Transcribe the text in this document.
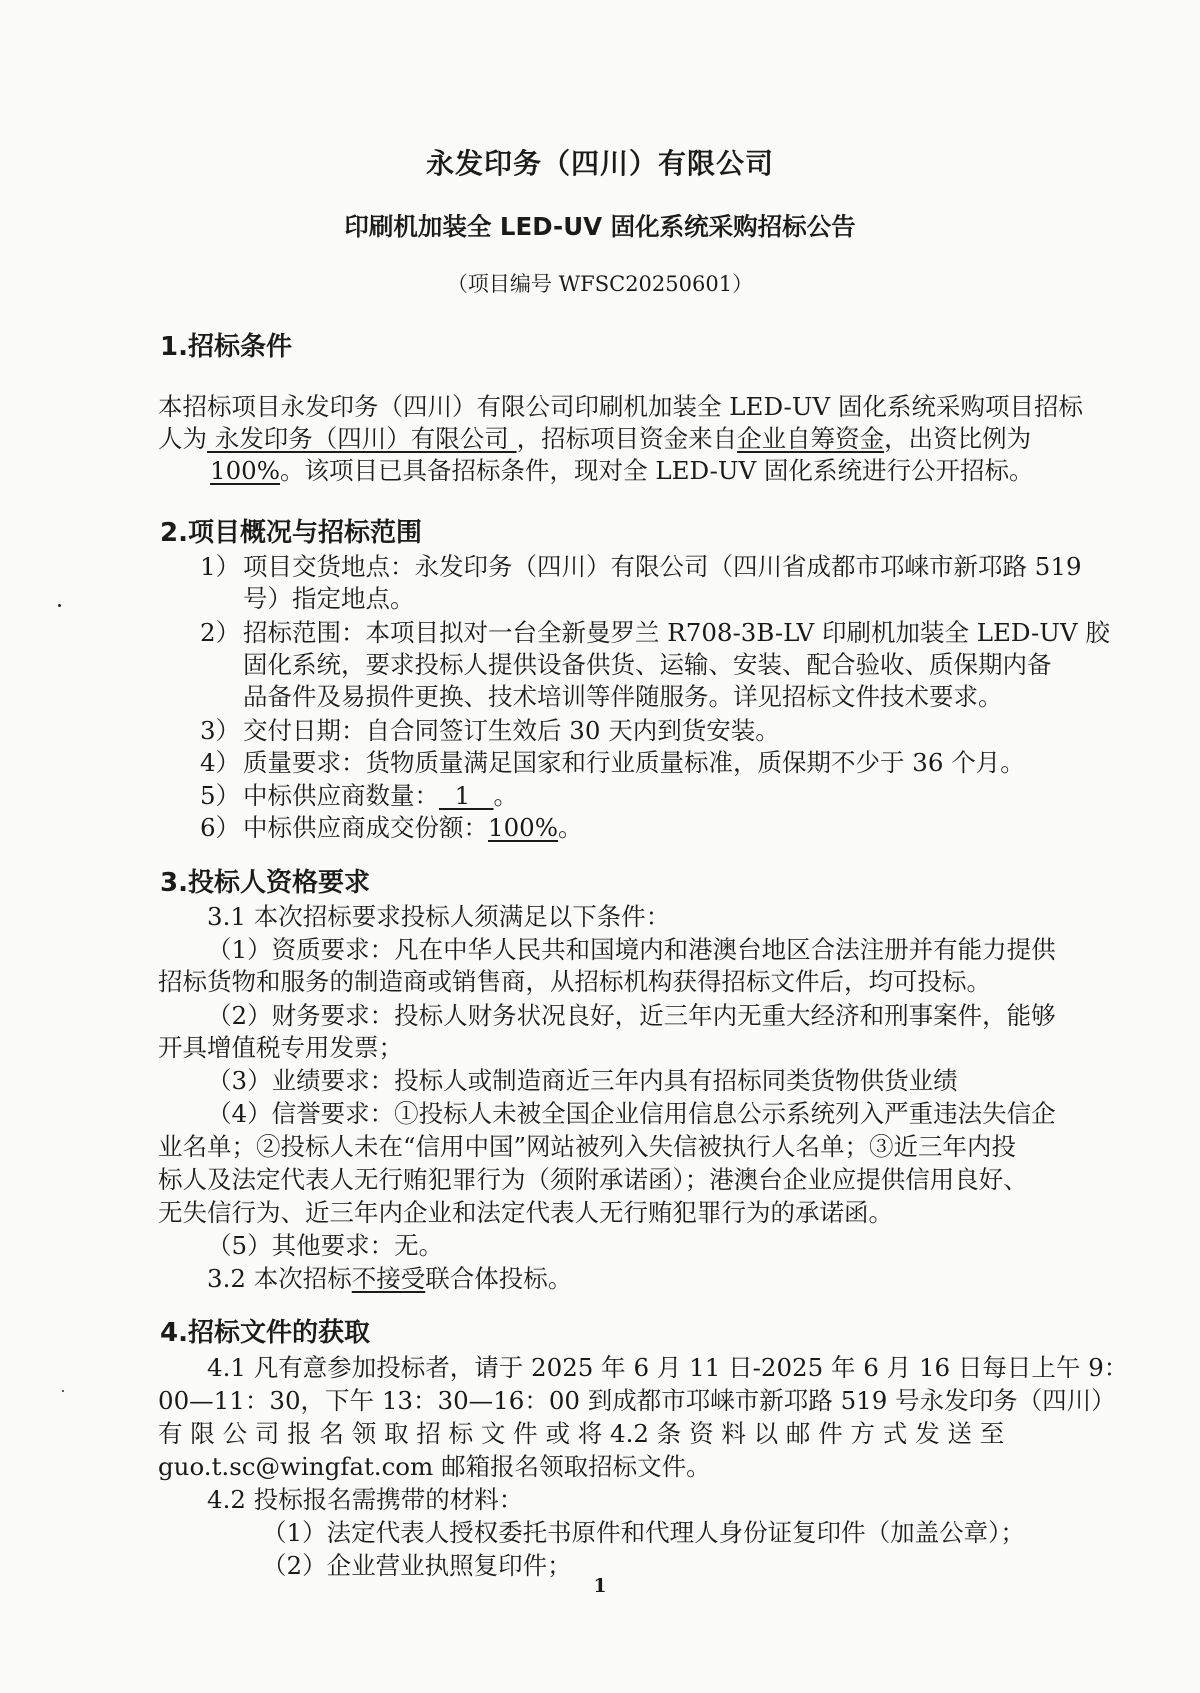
永发印务（四川）有限公司
印刷机加装全 LED-UV 固化系统采购招标公告
（项目编号 WFSC20250601）
1.招标条件
本招标项目永发印务（四川）有限公司印刷机加装全 LED-UV 固化系统采购项目招标
人为 永发印务（四川）有限公司 ，招标项目资金来自企业自筹资金，出资比例为
100%。该项目已具备招标条件，现对全 LED-UV 固化系统进行公开招标。
2.项目概况与招标范围
1） 项目交货地点：永发印务（四川）有限公司（四川省成都市邛崃市新邛路 519
号）指定地点。
2） 招标范围：本项目拟对一台全新曼罗兰 R708-3B-LV 印刷机加装全 LED-UV 胶
固化系统，要求投标人提供设备供货、运输、安装、配合验收、质保期内备
品备件及易损件更换、技术培训等伴随服务。详见招标文件技术要求。
3） 交付日期：自合同签订生效后 30 天内到货安装。
4） 质量要求：货物质量满足国家和行业质量标准，质保期不少于 36 个月。
5） 中标供应商数量：  1   。
6） 中标供应商成交份额：100%。
3.投标人资格要求
3.1 本次招标要求投标人须满足以下条件：
（1）资质要求：凡在中华人民共和国境内和港澳台地区合法注册并有能力提供
招标货物和服务的制造商或销售商，从招标机构获得招标文件后，均可投标。
（2）财务要求：投标人财务状况良好，近三年内无重大经济和刑事案件，能够
开具增值税专用发票；
（3）业绩要求：投标人或制造商近三年内具有招标同类货物供货业绩
（4）信誉要求：①投标人未被全国企业信用信息公示系统列入严重违法失信企
业名单；②投标人未在“信用中国”网站被列入失信被执行人名单；③近三年内投
标人及法定代表人无行贿犯罪行为（须附承诺函）；港澳台企业应提供信用良好、
无失信行为、近三年内企业和法定代表人无行贿犯罪行为的承诺函。
（5）其他要求：无。
3.2 本次招标不接受联合体投标。
4.招标文件的获取
4.1 凡有意参加投标者，请于 2025 年 6 月 11 日-2025 年 6 月 16 日每日上午 9：
00—11：30，下午 13：30—16：00 到成都市邛崃市新邛路 519 号永发印务（四川）
有 限 公 司 报 名 领 取 招 标 文 件 或 将 4.2 条 资 料 以 邮 件 方 式 发 送 至
guo.t.sc@wingfat.com 邮箱报名领取招标文件。
4.2 投标报名需携带的材料：
（1）法定代表人授权委托书原件和代理人身份证复印件（加盖公章）；
（2）企业营业执照复印件；
1
